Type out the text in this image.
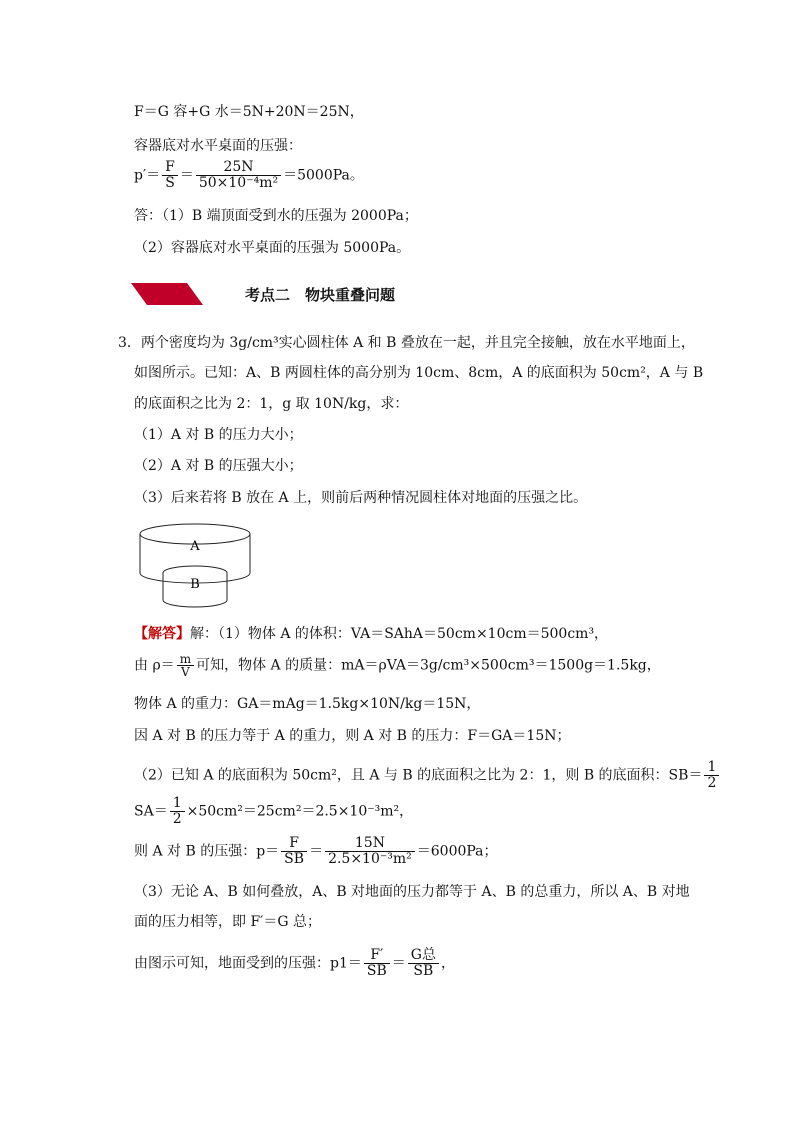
F＝G 容+G 水＝5N+20N＝25N，
容器底对水平桌面的压强：
$p'= \frac{F}{S} = \frac{25N}{\text{50×10⁻⁴m²}} =5000Pa$。
答：（1）B 端顶面受到水的压强为 2000Pa；
（2）容器底对水平桌面的压强为 5000Pa。
考点二　物块重叠问题
3．两个密度均为 3g/cm³实心圆柱体 A 和 B 叠放在一起，并且完全接触，放在水平地面上，
如图所示。已知：A、B 两圆柱体的高分别为 10cm、8cm，A 的底面积为 50cm²，A 与 B
的底面积之比为 2：1，g 取 10N/kg，求：
（1）A 对 B 的压力大小；
（2）A 对 B 的压强大小；
（3）后来若将 B 放在 A 上，则前后两种情况圆柱体对地面的压强之比。
A
B
【解答】解：（1）物体 A 的体积：VA＝SAhA＝50cm×10cm＝500cm³，
由 $\rho= \frac{m}{V}$ 可知，物体 A 的质量：mA＝ρVA＝3g/cm³×500cm³＝1500g＝1.5kg，
物体 A 的重力：GA＝mAg＝1.5kg×10N/kg＝15N，
因 A 对 B 的压力等于 A 的重力，则 A 对 B 的压力：F＝GA＝15N；
（2）已知 A 的底面积为 50cm²，且 A 与 B 的底面积之比为 2：1，则 B 的底面积：$SB= \frac{1}{2}$
$SA= \frac{1}{2} \times 50cm^2=25cm^2=2.5\times 10^{-3}m^2$，
则 A 对 B 的压强：$p= \frac{F}{SB} = \frac{15N}{\text{2.5×10⁻³m²}} =6000Pa$；
（3）无论 A、B 如何叠放，A、B 对地面的压力都等于 A、B 的总重力，所以 A、B 对地
面的压力相等，即 F′＝G 总；
由图示可知，地面受到的压强：$p1= \frac{F'}{SB} = \frac{\text{G总}}{SB}$ ，
